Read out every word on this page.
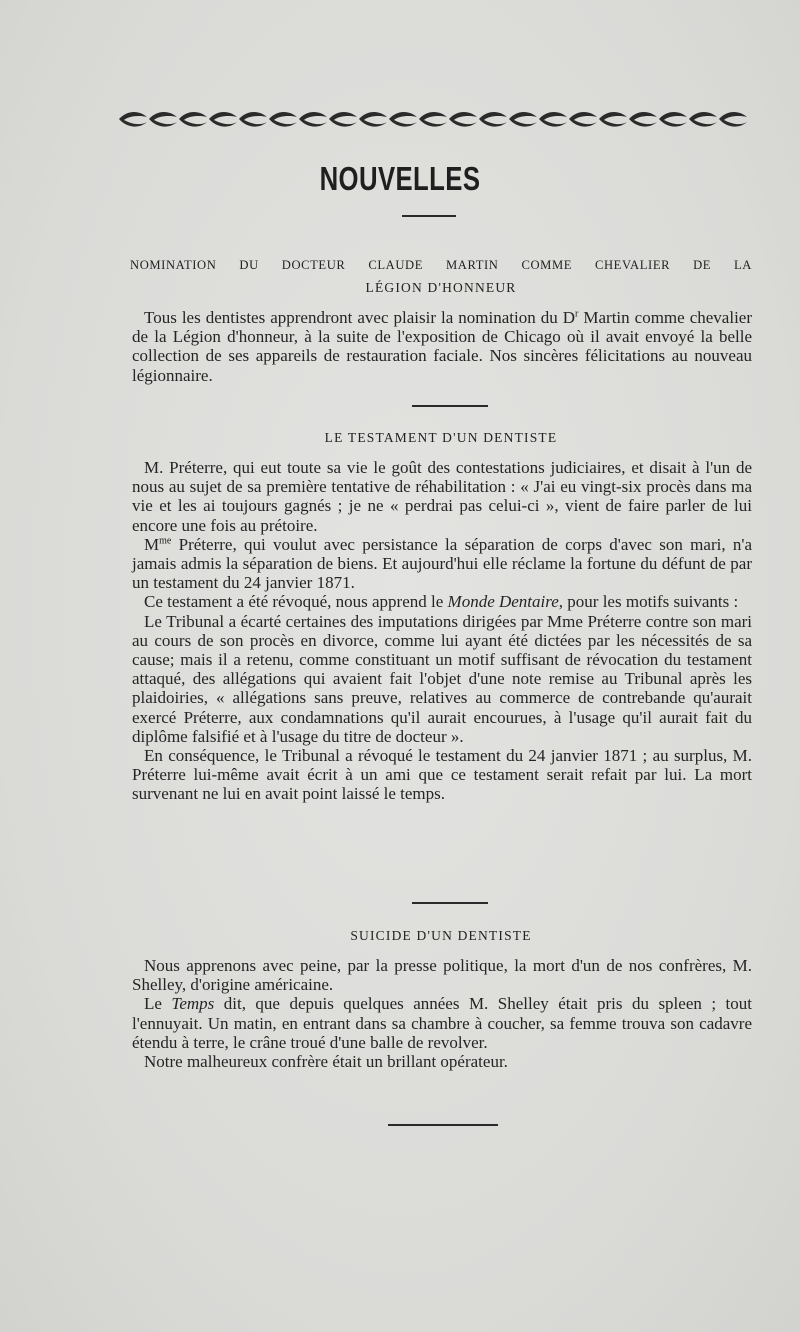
NOUVELLES
NOMINATION DU DOCTEUR CLAUDE MARTIN COMME CHEVALIER DE LA
LÉGION D'HONNEUR

Tous les dentistes apprendront avec plaisir la nomination du $D^r$ Martin comme chevalier de la Légion d'honneur, à la suite de l'exposition de Chicago où il avait envoyé la belle collection de ses appareils de restauration faciale. Nos sincères félicitations au nouveau légionnaire.

LE TESTAMENT D'UN DENTISTE

M. Préterre, qui eut toute sa vie le goût des contestations judiciaires, et disait à l'un de nous au sujet de sa première tentative de réhabilitation : « J'ai eu vingt-six procès dans ma vie et les ai toujours gagnés ; je ne « perdrai pas celui-ci », vient de faire parler de lui encore une fois au prétoire.

$M^{me}$ Préterre, qui voulut avec persistance la séparation de corps d'avec son mari, n'a jamais admis la séparation de biens. Et aujourd'hui elle réclame la fortune du défunt de par un testament du 24 janvier 1871.

Ce testament a été révoqué, nous apprend le Monde Dentaire, pour les motifs suivants :

Le Tribunal a écarté certaines des imputations dirigées par Mme Préterre contre son mari au cours de son procès en divorce, comme lui ayant été dictées par les nécessités de sa cause; mais il a retenu, comme constituant un motif suffisant de révocation du testament attaqué, des allégations qui avaient fait l'objet d'une note remise au Tribunal après les plaidoiries, « allégations sans preuve, relatives au commerce de contrebande qu'aurait exercé Préterre, aux condamnations qu'il aurait encourues, à l'usage qu'il aurait fait du diplôme falsifié et à l'usage du titre de docteur ».

En conséquence, le Tribunal a révoqué le testament du 24 janvier 1871 ; au surplus, M. Préterre lui-même avait écrit à un ami que ce testament serait refait par lui. La mort survenant ne lui en avait point laissé le temps.

SUICIDE D'UN DENTISTE

Nous apprenons avec peine, par la presse politique, la mort d'un de nos confrères, M. Shelley, d'origine américaine.

Le Temps dit, que depuis quelques années M. Shelley était pris du spleen ; tout l'ennuyait. Un matin, en entrant dans sa chambre à coucher, sa femme trouva son cadavre étendu à terre, le crâne troué d'une balle de revolver.

Notre malheureux confrère était un brillant opérateur.
